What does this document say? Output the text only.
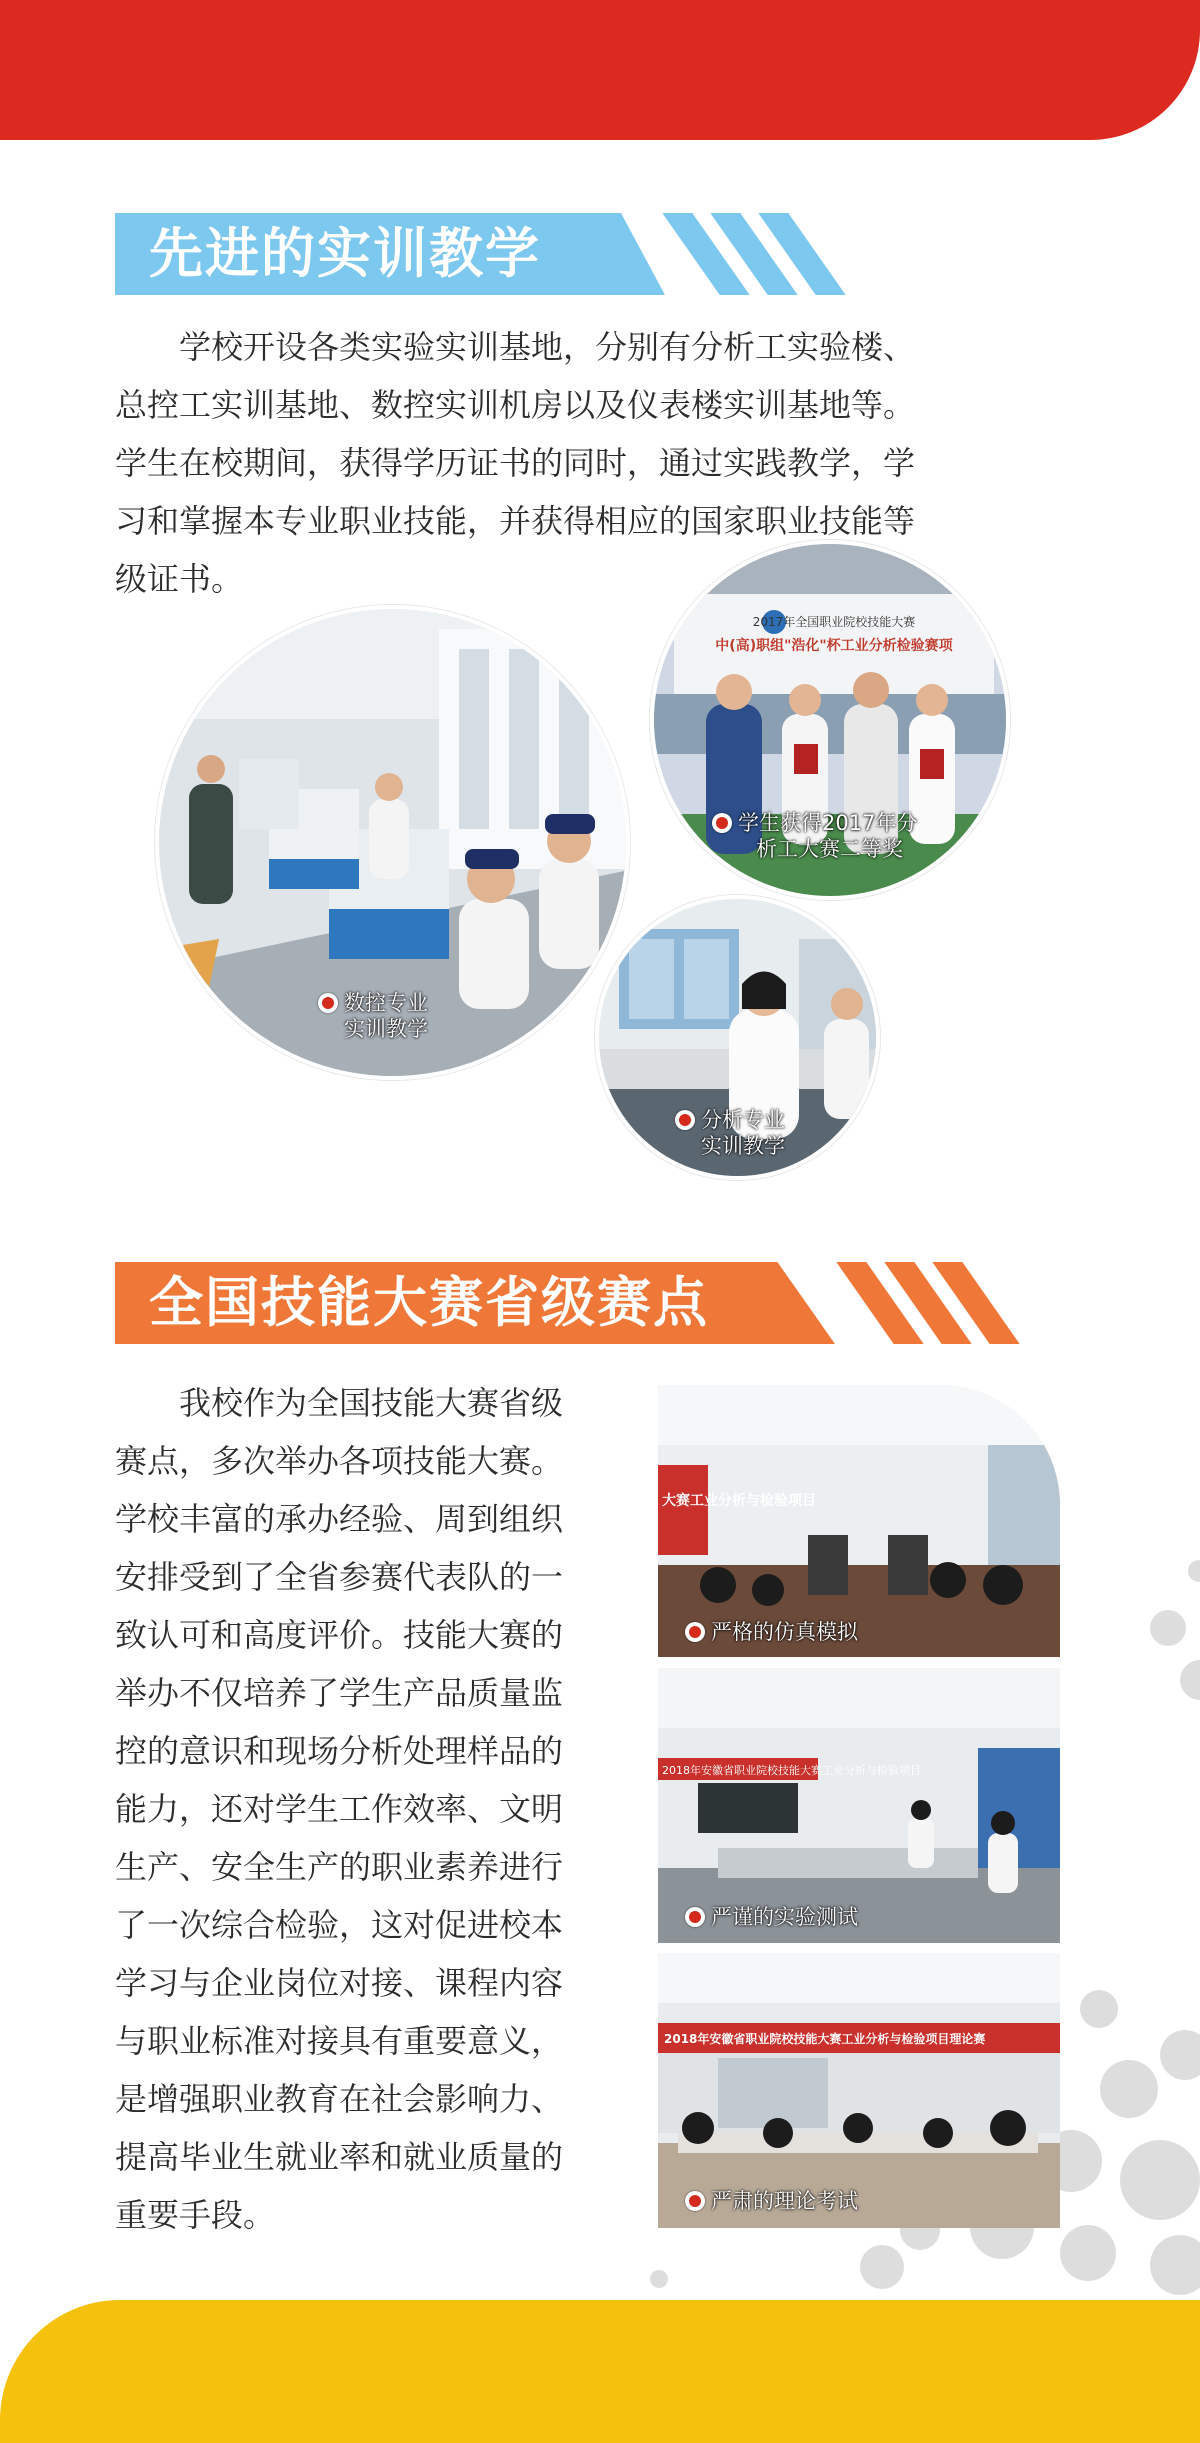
先进的实训教学
　　学校开设各类实验实训基地，分别有分析工实验楼、
总控工实训基地、数控实训机房以及仪表楼实训基地等。
学生在校期间，获得学历证书的同时，通过实践教学，学
习和掌握本专业职业技能，并获得相应的国家职业技能等
级证书。
2017年全国职业院校技能大赛
中(高)职组"浩化"杯工业分析检验赛项
学生获得2017年分
析工大赛二等奖
数控专业
实训教学
分析专业
实训教学
全国技能大赛省级赛点
　　我校作为全国技能大赛省级
赛点，多次举办各项技能大赛。
学校丰富的承办经验、周到组织
安排受到了全省参赛代表队的一
致认可和高度评价。技能大赛的
举办不仅培养了学生产品质量监
控的意识和现场分析处理样品的
能力，还对学生工作效率、文明
生产、安全生产的职业素养进行
了一次综合检验，这对促进校本
学习与企业岗位对接、课程内容
与职业标准对接具有重要意义，
是增强职业教育在社会影响力、
提高毕业生就业率和就业质量的
重要手段。
大赛工业分析与检验项目
严格的仿真模拟
2018年安徽省职业院校技能大赛工业分析与检验项目
严谨的实验测试
2018年安徽省职业院校技能大赛工业分析与检验项目理论赛
严肃的理论考试
